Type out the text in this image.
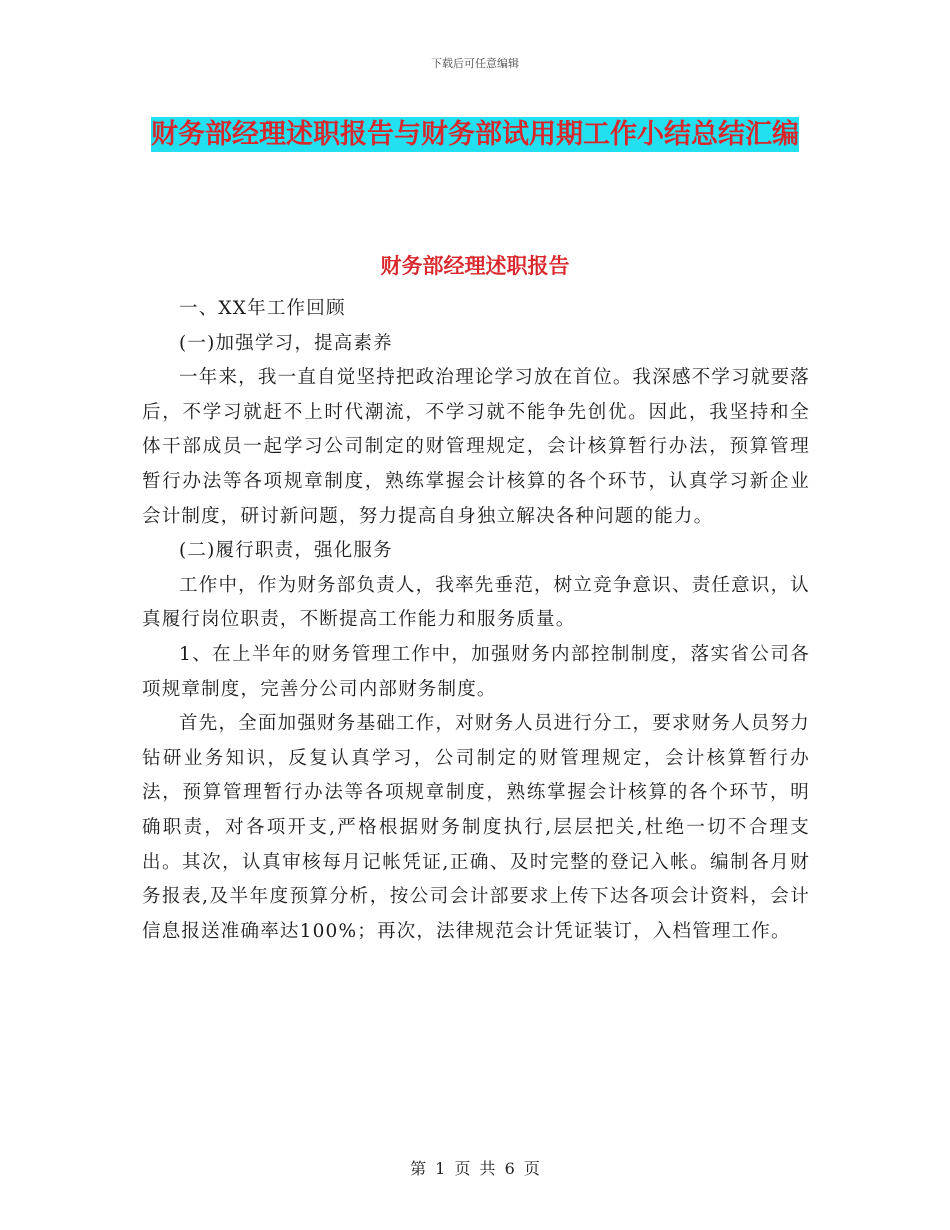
下载后可任意编辑
财务部经理述职报告与财务部试用期工作小结总结汇编
财务部经理述职报告

一、XX年工作回顾

(一)加强学习，提高素养

一年来，我一直自觉坚持把政治理论学习放在首位。我深感不学习就要落后，不学习就赶不上时代潮流，不学习就不能争先创优。因此，我坚持和全体干部成员一起学习公司制定的财管理规定，会计核算暂行办法，预算管理暂行办法等各项规章制度，熟练掌握会计核算的各个环节，认真学习新企业会计制度，研讨新问题，努力提高自身独立解决各种问题的能力。

(二)履行职责，强化服务

工作中，作为财务部负责人，我率先垂范，树立竞争意识、责任意识，认真履行岗位职责，不断提高工作能力和服务质量。

1、在上半年的财务管理工作中，加强财务内部控制制度，落实省公司各项规章制度，完善分公司内部财务制度。

首先，全面加强财务基础工作，对财务人员进行分工，要求财务人员努力钻研业务知识，反复认真学习，公司制定的财管理规定，会计核算暂行办法，预算管理暂行办法等各项规章制度，熟练掌握会计核算的各个环节，明确职责，对各项开支,严格根据财务制度执行,层层把关,杜绝一切不合理支出。其次，认真审核每月记帐凭证,正确、及时完整的登记入帐。编制各月财务报表,及半年度预算分析，按公司会计部要求上传下达各项会计资料，会计信息报送准确率达100%；再次，法律规范会计凭证装订，入档管理工作。

第 1 页 共 6 页
